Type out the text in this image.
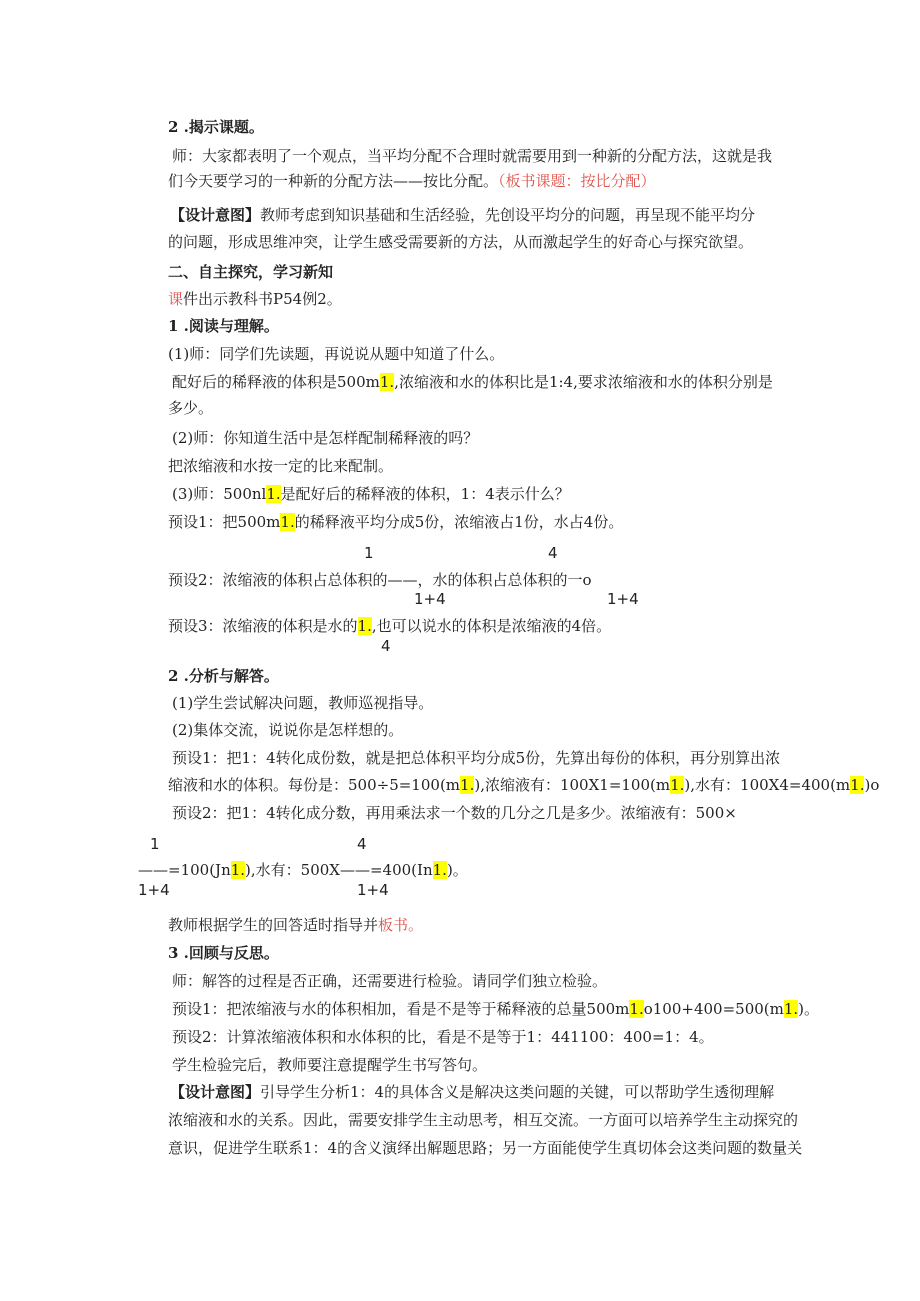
2 .揭示课题。
师：大家都表明了一个观点，当平均分配不合理时就需要用到一种新的分配方法，这就是我
们今天要学习的一种新的分配方法——按比分配。（板书课题：按比分配）
【设计意图】教师考虑到知识基础和生活经验，先创设平均分的问题，再呈现不能平均分
的问题，形成思维冲突，让学生感受需要新的方法，从而激起学生的好奇心与探究欲望。
二、自主探究，学习新知
课件出示教科书P54例2。
1 .阅读与理解。
(1)师：同学们先读题，再说说从题中知道了什么。
配好后的稀释液的体积是500m1.,浓缩液和水的体积比是1:4,要求浓缩液和水的体积分别是
多少。
(2)师：你知道生活中是怎样配制稀释液的吗？
把浓缩液和水按一定的比来配制。
(3)师：500nl1.是配好后的稀释液的体积，1：4表示什么？
预设1：把500m1.的稀释液平均分成5份，浓缩液占1份，水占4份。
1	4
预设2：浓缩液的体积占总体积的——，水的体积占总体积的一o
1+4	1+4
预设3：浓缩液的体积是水的1.,也可以说水的体积是浓缩液的4倍。
4
2 .分析与解答。
(1)学生尝试解决问题，教师巡视指导。
(2)集体交流，说说你是怎样想的。
预设1：把1：4转化成份数，就是把总体积平均分成5份，先算出每份的体积，再分别算出浓
缩液和水的体积。每份是：500÷5=100(m1.),浓缩液有：100X1=100(m1.),水有：100X4=400(m1.)o
预设2：把1：4转化成分数，再用乘法求一个数的几分之几是多少。浓缩液有：500×
1	4
——=100(Jn1.),水有：500X——=400(In1.)。
1+4	1+4
教师根据学生的回答适时指导并板书。
3 .回顾与反思。
师：解答的过程是否正确，还需要进行检验。请同学们独立检验。
预设1：把浓缩液与水的体积相加，看是不是等于稀释液的总量500m1.o100+400=500(m1.)。
预设2：计算浓缩液体积和水体积的比，看是不是等于1：441100：400=1：4。
学生检验完后，教师要注意提醒学生书写答句。
【设计意图】引导学生分析1：4的具体含义是解决这类问题的关键，可以帮助学生透彻理解
浓缩液和水的关系。因此，需要安排学生主动思考，相互交流。一方面可以培养学生主动探究的
意识，促进学生联系1：4的含义演绎出解题思路；另一方面能使学生真切体会这类问题的数量关
